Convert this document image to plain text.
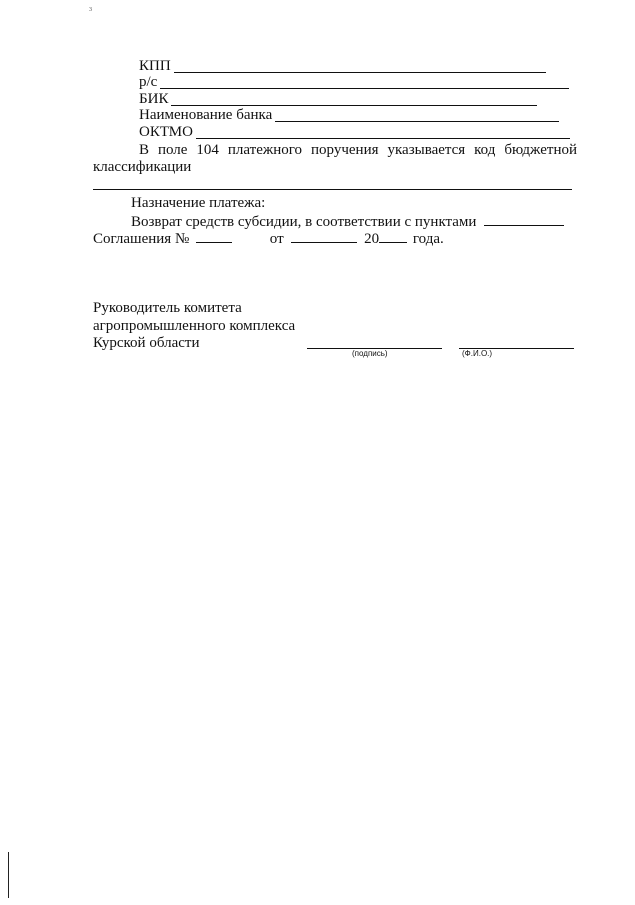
3
КПП
р/с
БИК
Наименование банка
ОКТМО
В поле 104 платежного поручения указывается код бюджетной
классификации
Назначение платежа:
Возврат средств субсидии, в соответствии с пунктами
Соглашения №	от	20 года.
Руководитель комитета
агропромышленного комплекса
Курской области
(подпись)	(Ф.И.О.)
